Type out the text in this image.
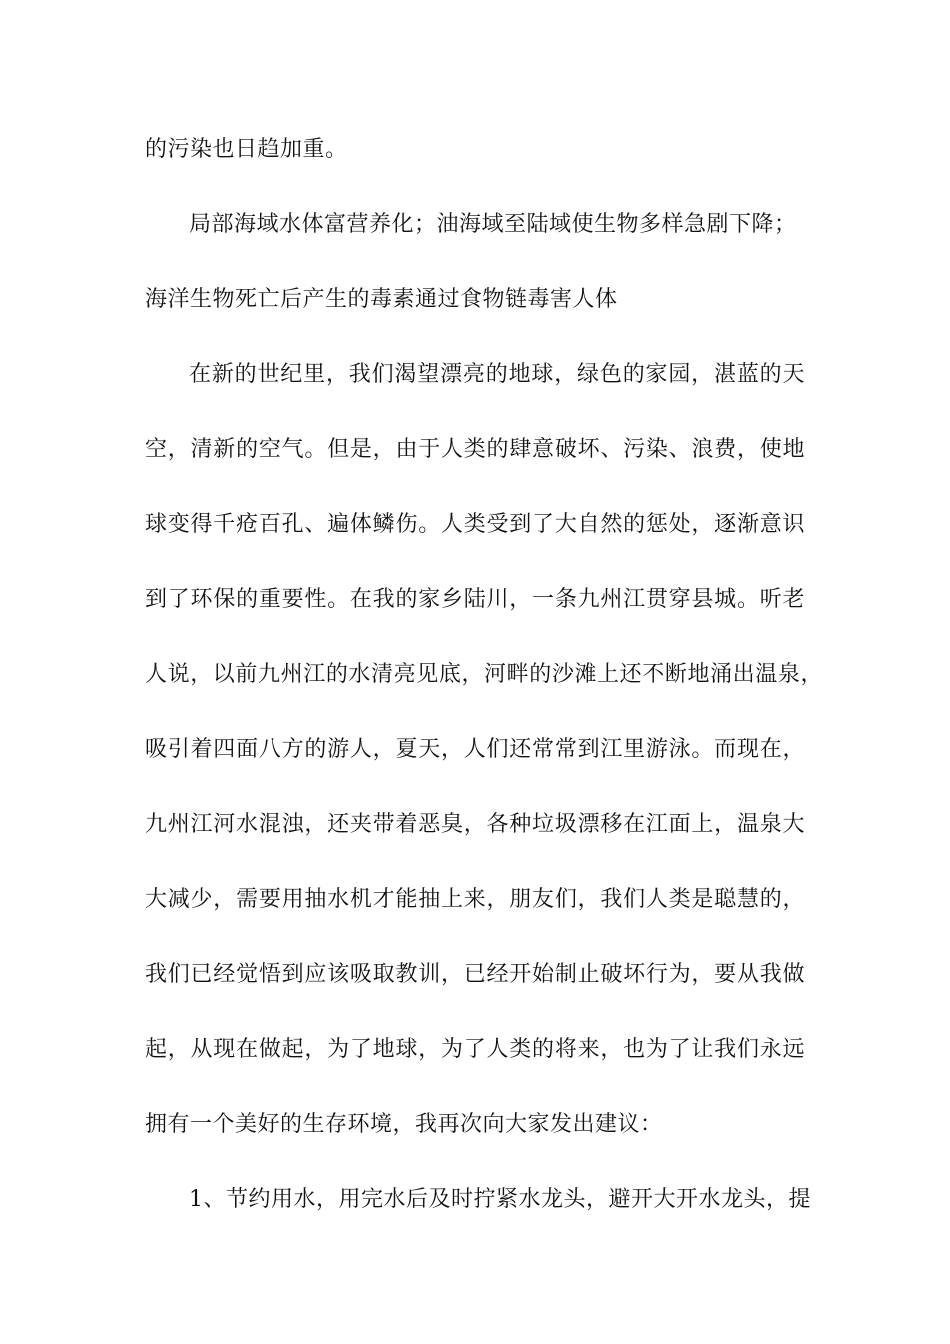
的污染也日趋加重。
局部海域水体富营养化；油海域至陆域使生物多样急剧下降；
海洋生物死亡后产生的毒素通过食物链毒害人体
在新的世纪里，我们渴望漂亮的地球，绿色的家园，湛蓝的天
空，清新的空气。但是，由于人类的肆意破坏、污染、浪费，使地
球变得千疮百孔、遍体鳞伤。人类受到了大自然的惩处，逐渐意识
到了环保的重要性。在我的家乡陆川，一条九州江贯穿县城。听老
人说，以前九州江的水清亮见底，河畔的沙滩上还不断地涌出温泉，
吸引着四面八方的游人，夏天，人们还常常到江里游泳。而现在，
九州江河水混浊，还夹带着恶臭，各种垃圾漂移在江面上，温泉大
大减少，需要用抽水机才能抽上来，朋友们，我们人类是聪慧的，
我们已经觉悟到应该吸取教训，已经开始制止破坏行为，要从我做
起，从现在做起，为了地球，为了人类的将来，也为了让我们永远
拥有一个美好的生存环境，我再次向大家发出建议：
1、节约用水，用完水后及时拧紧水龙头，避开大开水龙头，提
